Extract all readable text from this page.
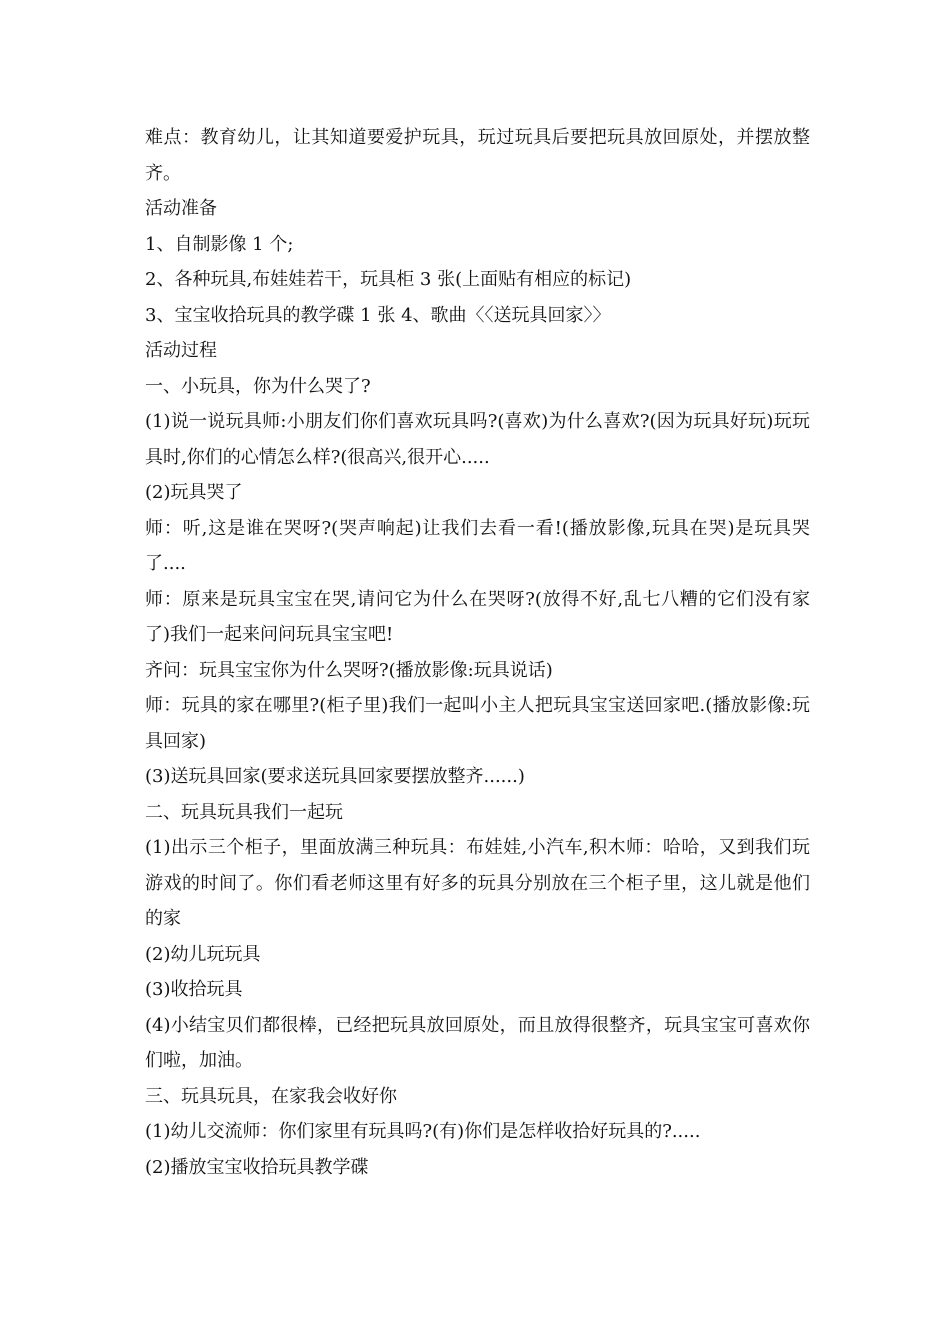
难点：教育幼儿，让其知道要爱护玩具，玩过玩具后要把玩具放回原处，并摆放整齐。

活动准备

1、自制影像 1 个;

2、各种玩具,布娃娃若干，玩具柜 3 张(上面贴有相应的标记)

3、宝宝收拾玩具的教学碟 1 张 4、歌曲〈〈送玩具回家〉〉

活动过程

一、小玩具，你为什么哭了?

(1)说一说玩具师:小朋友们你们喜欢玩具吗?(喜欢)为什么喜欢?(因为玩具好玩)玩玩具时,你们的心情怎么样?(很高兴,很开心.....

(2)玩具哭了

师：听,这是谁在哭呀?(哭声响起)让我们去看一看!(播放影像,玩具在哭)是玩具哭了....

师：原来是玩具宝宝在哭,请问它为什么在哭呀?(放得不好,乱七八糟的它们没有家了)我们一起来问问玩具宝宝吧!

齐问：玩具宝宝你为什么哭呀?(播放影像:玩具说话)

师：玩具的家在哪里?(柜子里)我们一起叫小主人把玩具宝宝送回家吧.(播放影像:玩具回家)

(3)送玩具回家(要求送玩具回家要摆放整齐......)

二、玩具玩具我们一起玩

(1)出示三个柜子，里面放满三种玩具：布娃娃,小汽车,积木师：哈哈，又到我们玩游戏的时间了。你们看老师这里有好多的玩具分别放在三个柜子里，这儿就是他们的家

(2)幼儿玩玩具

(3)收拾玩具

(4)小结宝贝们都很棒，已经把玩具放回原处，而且放得很整齐，玩具宝宝可喜欢你们啦，加油。

三、玩具玩具，在家我会收好你

(1)幼儿交流师：你们家里有玩具吗?(有)你们是怎样收拾好玩具的?.....

(2)播放宝宝收拾玩具教学碟
